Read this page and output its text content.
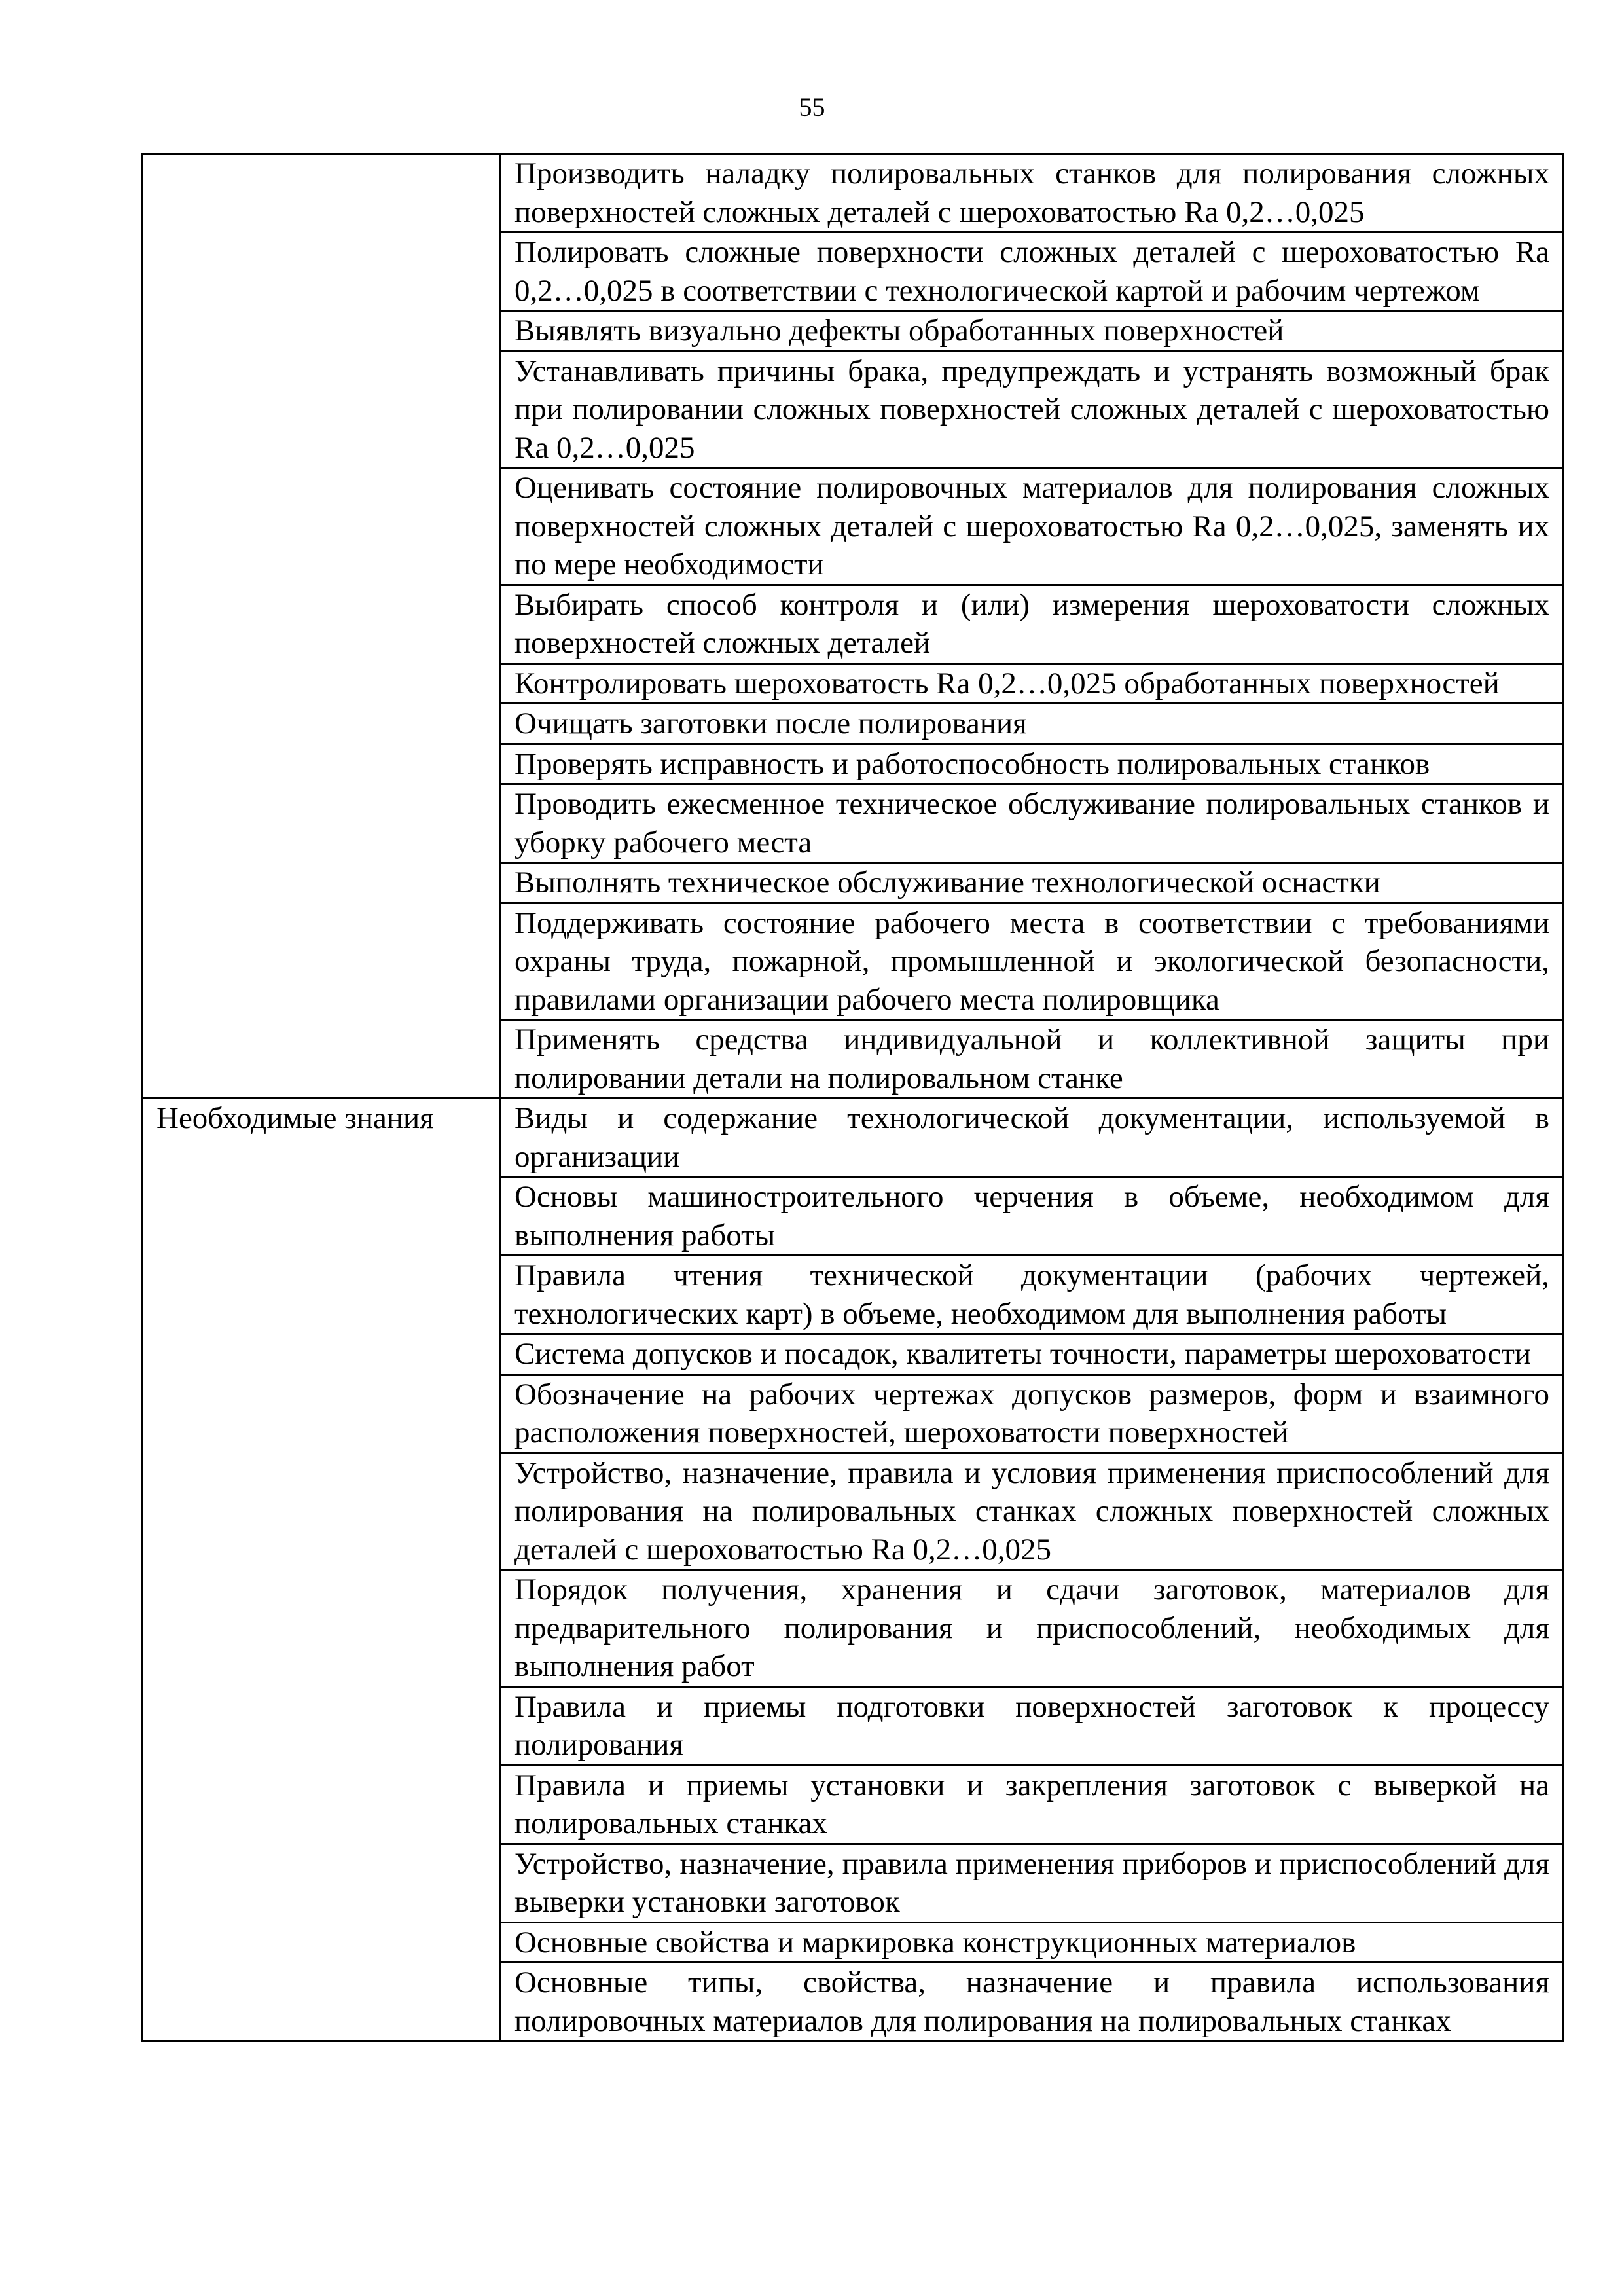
55
	Производить наладку полировальных станков для полирования сложных поверхностей сложных деталей с шероховатостью Ra 0,2…0,025
	Полировать сложные поверхности сложных деталей с шероховатостью Ra 0,2…0,025 в соответствии с технологической картой и рабочим чертежом
	Выявлять визуально дефекты обработанных поверхностей
	Устанавливать причины брака, предупреждать и устранять возможный брак при полировании сложных поверхностей сложных деталей с шероховатостью Ra 0,2…0,025
	Оценивать состояние полировочных материалов для полирования сложных поверхностей сложных деталей с шероховатостью Ra 0,2…0,025, заменять их по мере необходимости
	Выбирать способ контроля и (или) измерения шероховатости сложных поверхностей сложных деталей
	Контролировать шероховатость Ra 0,2…0,025 обработанных поверхностей
	Очищать заготовки после полирования
	Проверять исправность и работоспособность полировальных станков
	Проводить ежесменное техническое обслуживание полировальных станков и уборку рабочего места
	Выполнять техническое обслуживание технологической оснастки
	Поддерживать состояние рабочего места в соответствии с требованиями охраны труда, пожарной, промышленной и экологической безопасности, правилами организации рабочего места полировщика
	Применять средства индивидуальной и коллективной защиты при полировании детали на полировальном станке
Необходимые знания	Виды и содержание технологической документации, используемой в организации
	Основы машиностроительного черчения в объеме, необходимом для выполнения работы
	Правила чтения технической документации (рабочих чертежей, технологических карт) в объеме, необходимом для выполнения работы
	Система допусков и посадок, квалитеты точности, параметры шероховатости
	Обозначение на рабочих чертежах допусков размеров, форм и взаимного расположения поверхностей, шероховатости поверхностей
	Устройство, назначение, правила и условия применения приспособлений для полирования на полировальных станках сложных поверхностей сложных деталей с шероховатостью Ra 0,2…0,025
	Порядок получения, хранения и сдачи заготовок, материалов для предварительного полирования и приспособлений, необходимых для выполнения работ
	Правила и приемы подготовки поверхностей заготовок к процессу полирования
	Правила и приемы установки и закрепления заготовок с выверкой на полировальных станках
	Устройство, назначение, правила применения приборов и приспособлений для выверки установки заготовок
	Основные свойства и маркировка конструкционных материалов
	Основные типы, свойства, назначение и правила использования полировочных материалов для полирования на полировальных станках
